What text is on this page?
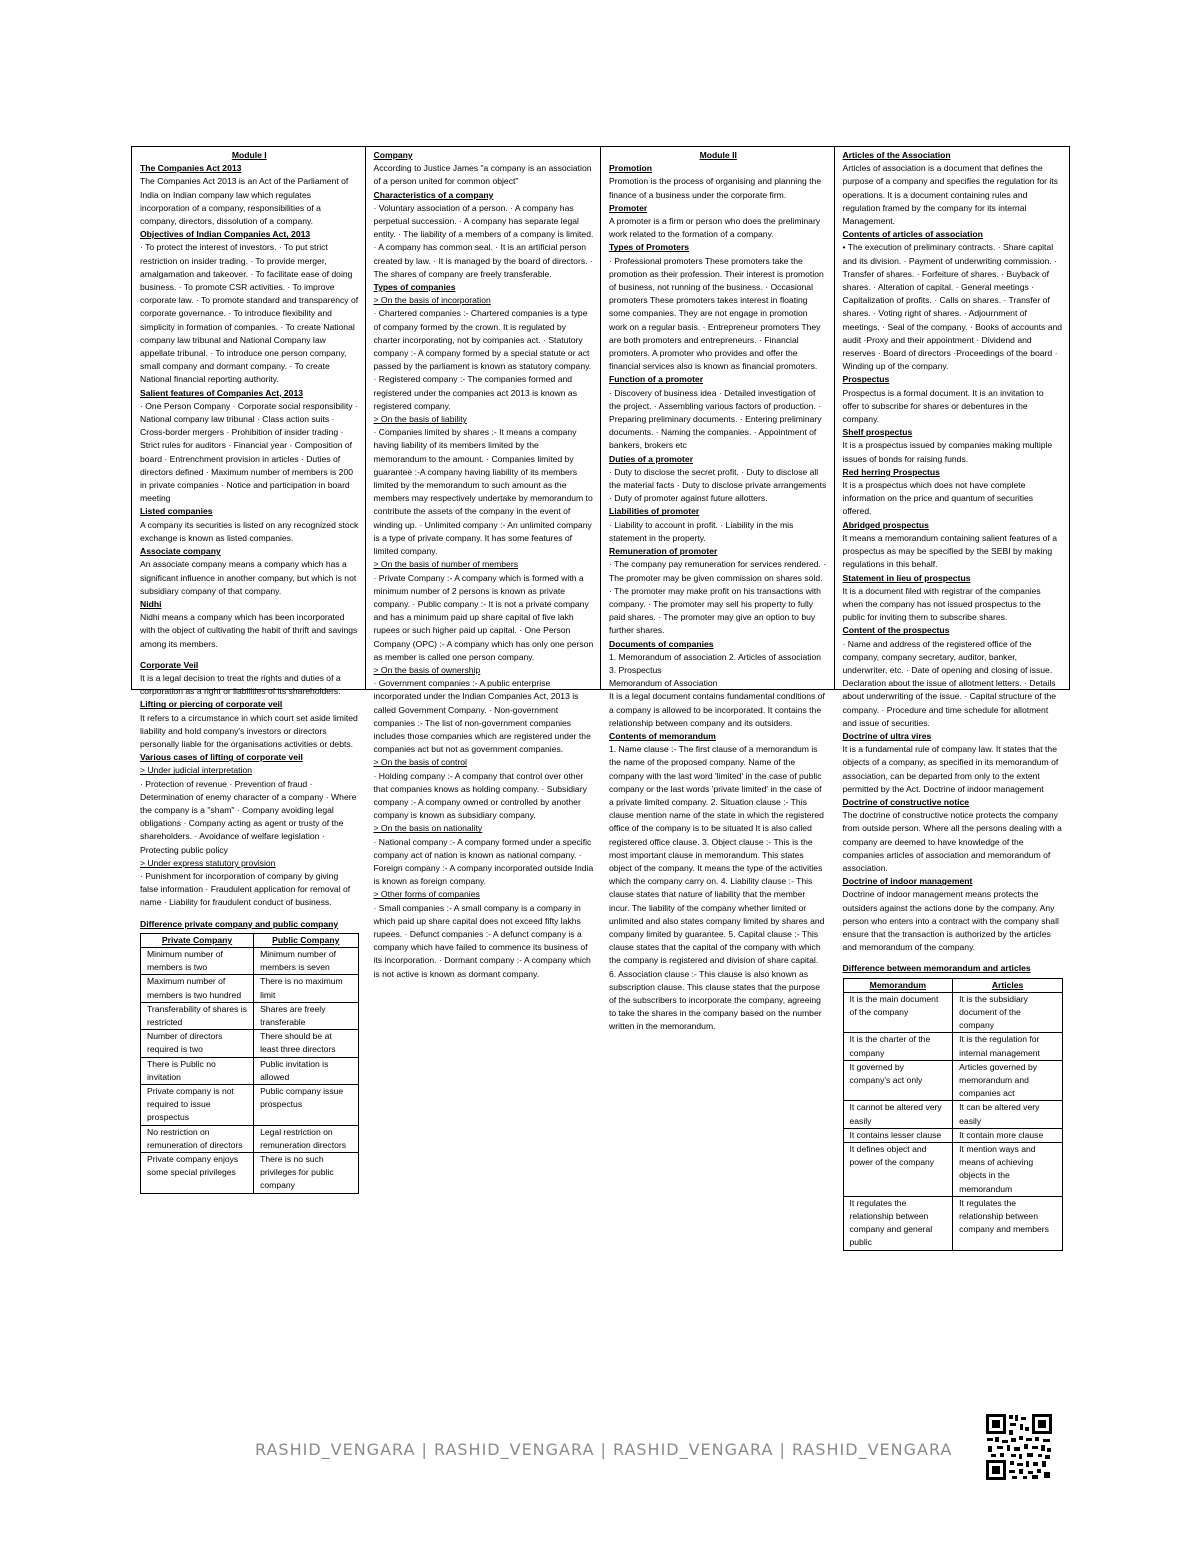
Module I
The Companies Act 2013

The Companies Act 2013 is an Act of the Parliament of India on Indian company law which regulates incorporation of a company, responsibilities of a company, directors, dissolution of a company.

Objectives of Indian Companies Act, 2013

· To protect the interest of investors. · To put strict restriction on insider trading. · To provide merger, amalgamation and takeover. · To facilitate ease of doing business. · To promote CSR activities. · To improve corporate law. · To promote standard and transparency of corporate governance. · To introduce flexibility and simplicity in formation of companies. · To create National company law tribunal and National Company law appellate tribunal. · To introduce one person company, small company and dormant company. · To create National financial reporting authority.

Salient features of Companies Act, 2013

· One Person Company · Corporate social responsibility · National company law tribunal · Class action suits · Cross-border mergers · Prohibition of insider trading · Strict rules for auditors · Financial year · Composition of board · Entrenchment provision in articles · Duties of directors defined · Maximum number of members is 200 in private companies · Notice and participation in board meeting

Listed companies

A company its securities is listed on any recognized stock exchange is known as listed companies.

Associate company

An associate company means a company which has a significant influence in another company, but which is not subsidiary company of that company.

Nidhi

Nidhi means a company which has been incorporated with the object of cultivating the habit of thrift and savings among its members.

Corporate Veil

It is a legal decision to treat the rights and duties of a corporation as a right or liabilities of its shareholders.

Lifting or piercing of corporate veil

It refers to a circumstance in which court set aside limited liability and hold company's investors or directors personally liable for the organisations activities or debts.

Various cases of lifting of corporate veil
> Under judicial interpretation

· Protection of revenue · Prevention of fraud · Determination of enemy character of a company · Where the company is a "sham" · Company avoiding legal obligations · Company acting as agent or trusty of the shareholders. · Avoidance of welfare legislation · Protecting public policy

> Under express statutory provision

· Punishment for incorporation of company by giving false information · Fraudulent application for removal of name · Liability for fraudulent conduct of business.

Difference private company and public company
Private Company	Public Company
Minimum number of members is two	Minimum number of members is seven
Maximum number of members is two hundred	There is no maximum limit
Transferability of shares is restricted	Shares are freely transferable
Number of directors required is two	There should be at least three directors
There is Public no invitation	Public invitation is allowed
Private company is not required to issue prospectus	Public company issue prospectus
No restriction on remuneration of directors	Legal restriction on remuneration directors
Private company enjoys some special privileges	There is no such privileges for public company
Company

According to Justice James "a company is an association of a person united for common object"

Characteristics of a company

· Voluntary association of a person. · A company has perpetual succession. · A company has separate legal entity. · The liability of a members of a company is limited. · A company has common seal. · It is an artificial person created by law. · It is managed by the board of directors. · The shares of company are freely transferable.

Types of companies
> On the basis of incorporation

· Chartered companies :- Chartered companies is a type of company formed by the crown. It is regulated by charter incorporating, not by companies act. · Statutory company :- A company formed by a special statute or act passed by the parliament is known as statutory company. · Registered company :- The companies formed and registered under the companies act 2013 is known as registered company.

> On the basis of liability

· Companies limited by shares :- It means a company having liability of its members limited by the memorandum to the amount. · Companies limited by guarantee :-A company having liability of its members limited by the memorandum to such amount as the members may respectively undertake by memorandum to contribute the assets of the company in the event of winding up. · Unlimited company :- An unlimited company is a type of private company. It has some features of limited company.

> On the basis of number of members

· Private Company :- A company which is formed with a minimum number of 2 persons is known as private company. · Public company :- It is not a private company and has a minimum paid up share capital of five lakh rupees or such higher paid up capital. · One Person Company (OPC) :- A company which has only one person as member is called one person company.

> On the basis of ownership

· Government companies :- A public enterprise incorporated under the Indian Companies Act, 2013 is called Government Company. · Non-government companies :- The list of non-government companies includes those companies which are registered under the companies act but not as government companies.

> On the basis of control

· Holding company :- A company that control over other that companies knows as holding company. · Subsidiary company :- A company owned or controlled by another company is known as subsidiary company.

> On the basis on nationality

· National company :- A company formed under a specific company act of nation is known as national company. · Foreign company :- A company incorporated outside India is known as foreign company.

> Other forms of companies

· Small companies :- A small company is a company in which paid up share capital does not exceed fifty lakhs rupees. · Defunct companies :- A defunct company is a company which have failed to commence its business of its incorporation. · Dormant company :- A company which is not active is known as dormant company.

Module II
Promotion

Promotion is the process of organising and planning the finance of a business under the corporate firm.

Promoter

A promoter is a firm or person who does the preliminary work related to the formation of a company.

Types of Promoters

· Professional promoters These promoters take the promotion as their profession. Their interest is promotion of business, not running of the business. · Occasional promoters These promoters takes interest in floating some companies. They are not engage in promotion work on a regular basis. · Entrepreneur promoters They are both promoters and entrepreneurs. · Financial promoters. A promoter who provides and offer the financial services also is known as financial promoters.

Function of a promoter

· Discovery of business idea · Detailed investigation of the project. · Assembling various factors of production. · Preparing preliminary documents. · Entering preliminary documents. · Naming the companies. · Appointment of bankers, brokers etc

Duties of a promoter

· Duty to disclose the secret profit. · Duty to disclose all the material facts · Duty to disclose private arrangements · Duty of promoter against future allotters.

Liabilities of promoter

· Liability to account in profit. · Liability in the mis statement in the property.

Remuneration of promoter

· The company pay remuneration for services rendered. · The promoter may be given commission on shares sold. · The promoter may make profit on his transactions with company. · The promoter may sell his property to fully paid shares. · The promoter may give an option to buy further shares.

Documents of companies

1. Memorandum of association 2. Articles of association 3. Prospectus

Memorandum of Association

It is a legal document contains fundamental conditions of a company is allowed to be incorporated. It contains the relationship between company and its outsiders.

Contents of memorandum

1. Name clause :- The first clause of a memorandum is the name of the proposed company. Name of the company with the last word 'limited' in the case of public company or the last words 'private limited' in the case of a private limited company. 2. Situation clause :- This clause mention name of the state in which the registered office of the company is to be situated It is also called registered office clause. 3. Object clause :- This is the most important clause in memorandum. This states object of the company. It means the type of the activities which the company carry on. 4. Liability clause :- This clause states that nature of liability that the member incur. The liability of the company whether limited or unlimited and also states company limited by shares and company limited by guarantee. 5. Capital clause :- This clause states that the capital of the company with which the company is registered and division of share capital. 6. Association clause :- This clause is also known as subscription clause. This clause states that the purpose of the subscribers to incorporate the company, agreeing to take the shares in the company based on the number written in the memorandum.

Articles of the Association

Articles of association is a document that defines the purpose of a company and specifies the regulation for its operations. It is a document containing rules and regulation framed by the company for its internal Management.

Contents of articles of association

• The execution of preliminary contracts. · Share capital and its division. · Payment of underwriting commission. · Transfer of shares. · Forfeiture of shares. · Buyback of shares. · Alteration of capital. · General meetings · Capitalization of profits. · Calls on shares. · Transfer of shares. · Voting right of shares. · Adjournment of meetings. · Seal of the company. · Books of accounts and audit ·Proxy and their appointment · Dividend and reserves · Board of directors ·Proceedings of the board · Winding up of the company.

Prospectus

Prospectus is a formal document. It is an invitation to offer to subscribe for shares or debentures in the company.

Shelf prospectus

It is a prospectus issued by companies making multiple issues of bonds for raising funds.

Red herring Prospectus

It is a prospectus which does not have complete information on the price and quantum of securities offered.

Abridged prospectus

It means a memorandum containing salient features of a prospectus as may be specified by the SEBI by making regulations in this behalf.

Statement in lieu of prospectus

It is a document filed with registrar of the companies when the company has not issued prospectus to the public for inviting them to subscribe shares.

Content of the prospectus

· Name and address of the registered office of the company, company secretary, auditor, banker, underwriter, etc. · Date of opening and closing of issue. Declaration about the issue of allotment letters. · Details about underwriting of the issue. · Capital structure of the company. · Procedure and time schedule for allotment and issue of securities.

Doctrine of ultra vires

It is a fundamental rule of company law. It states that the objects of a company, as specified in its memorandum of association, can be departed from only to the extent permitted by the Act. Doctrine of indoor management

Doctrine of constructive notice

The doctrine of constructive notice protects the company from outside person. Where all the persons dealing with a company are deemed to have knowledge of the companies articles of association and memorandum of association.

Doctrine of indoor management

Doctrine of indoor management means protects the outsiders against the actions done by the company. Any person who enters into a contract with the company shall ensure that the transaction is authorized by the articles and memorandum of the company.

Difference between memorandum and articles
Memorandum	Articles
It is the main document of the company	It is the subsidiary document of the company
It is the charter of the company	It is the regulation for internal management
It governed by company's act only	Articles governed by memorandum and companies act
It cannot be altered very easily	It can be altered very easily
It contains lesser clause	It contain more clause
It defines object and power of the company	It mention ways and means of achieving objects in the memorandum
It regulates the relationship between company and general public	It regulates the relationship between company and members
RASHID_VENGARA | RASHID_VENGARA | RASHID_VENGARA | RASHID_VENGARA
